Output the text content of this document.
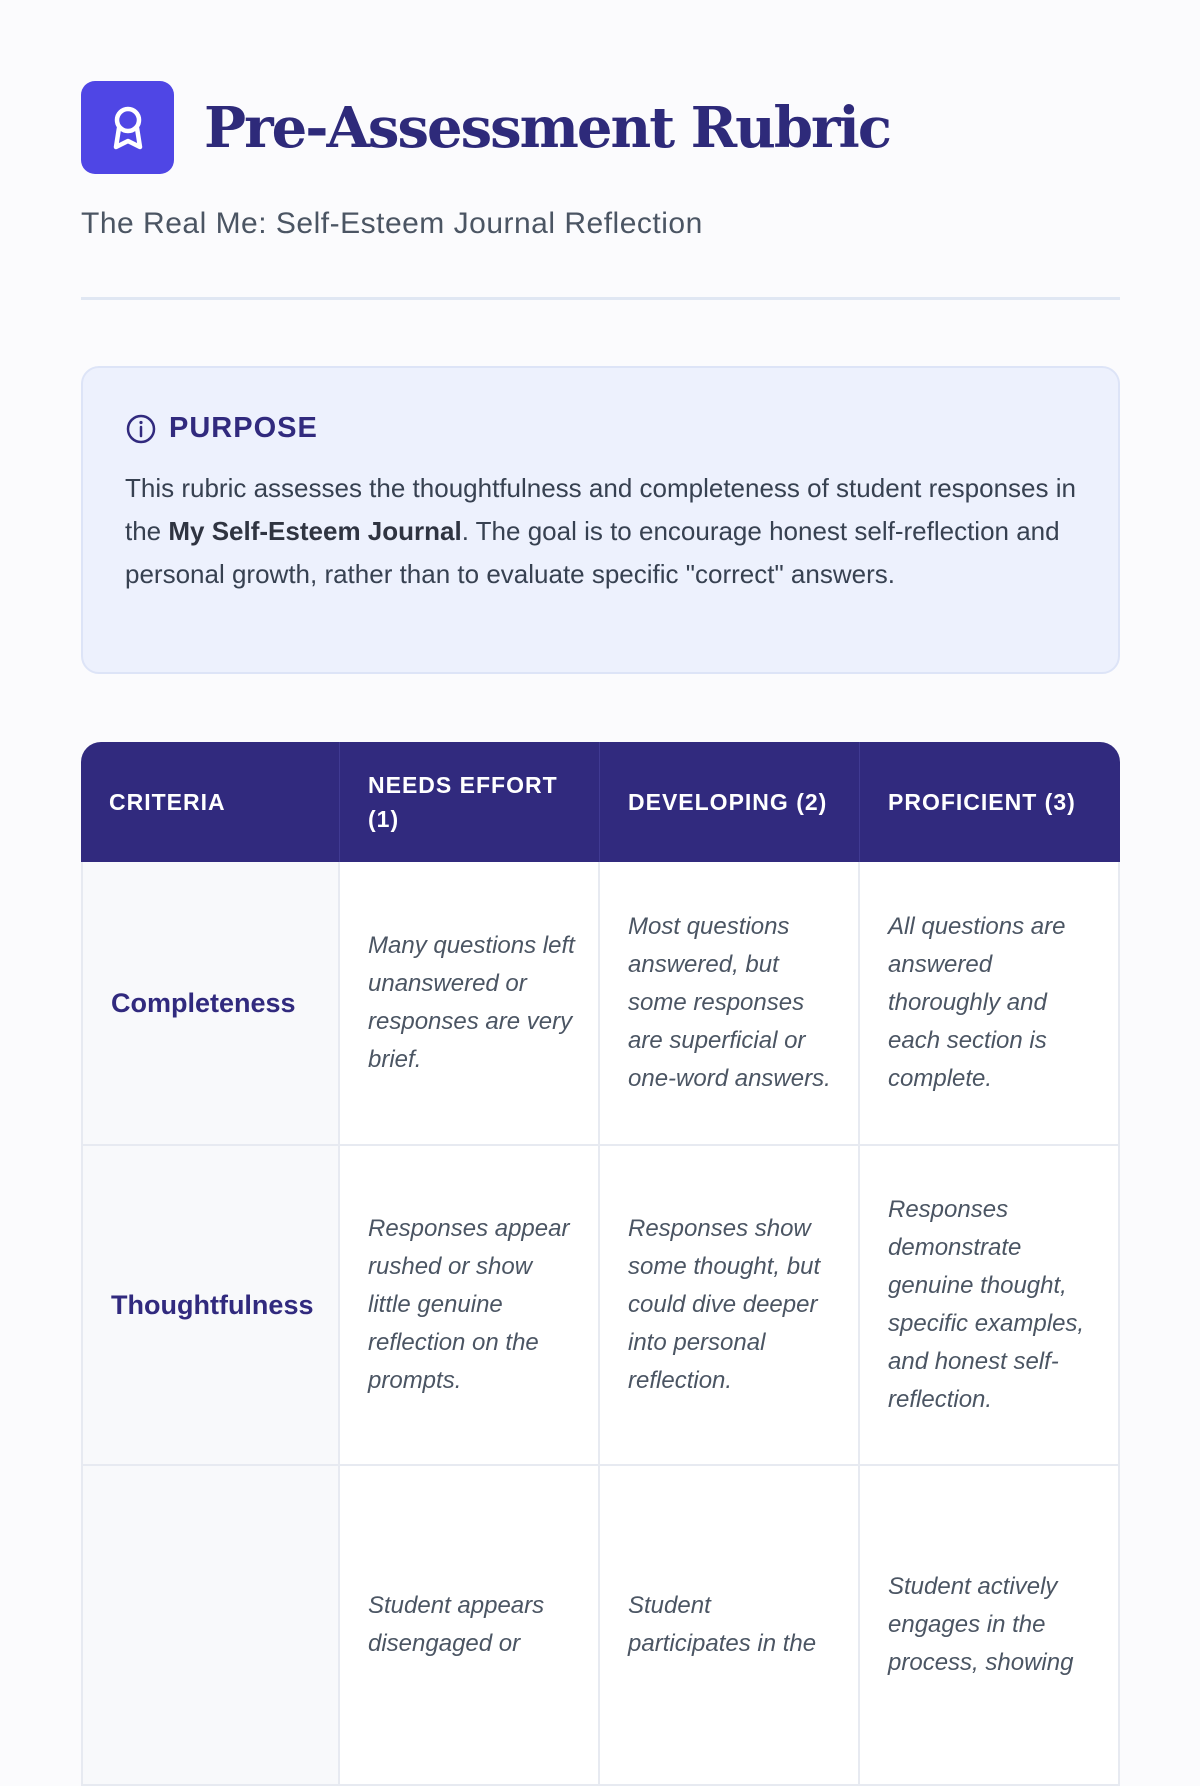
Pre-Assessment Rubric
The Real Me: Self-Esteem Journal Reflection
PURPOSE
This rubric assesses the thoughtfulness and completeness of student responses in the My Self-Esteem Journal. The goal is to encourage honest self-reflection and personal growth, rather than to evaluate specific "correct" answers.
CRITERIA	NEEDS EFFORT (1)	DEVELOPING (2)	PROFICIENT (3)
Completeness	Many questions left unanswered or responses are very brief.	Most questions answered, but some responses are superficial or one-word answers.	All questions are answered thoroughly and each section is complete.
Thoughtfulness	Responses appear rushed or show little genuine reflection on the prompts.	Responses show some thought, but could dive deeper into personal reflection.	Responses demonstrate genuine thought, specific examples, and honest self-reflection.
	Student appears disengaged or	Student participates in the	Student actively engages in the process, showing
